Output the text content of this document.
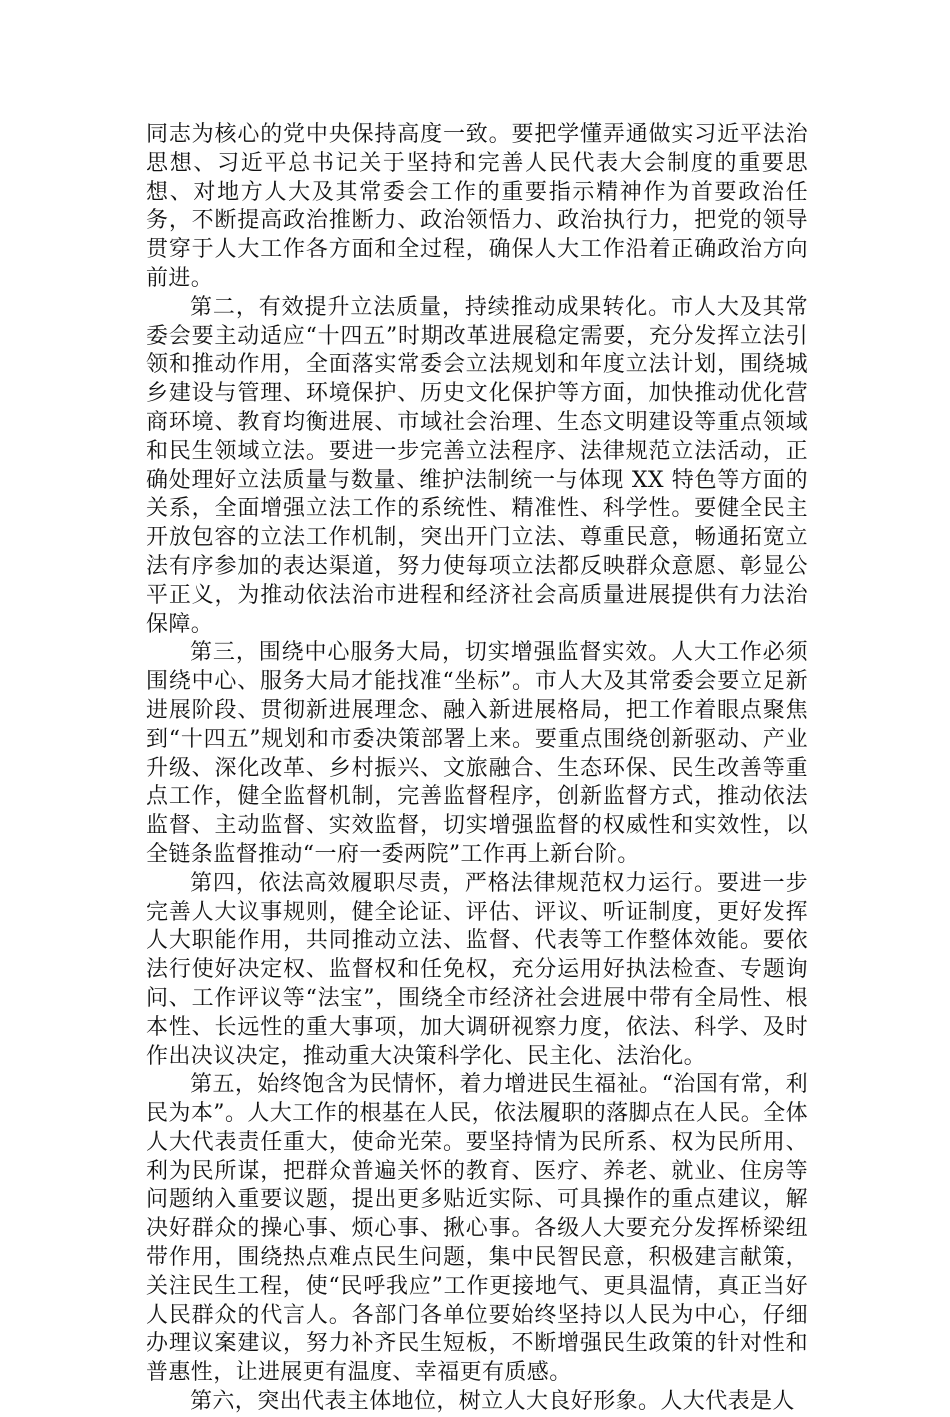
同志为核心的党中央保持高度一致。要把学懂弄通做实习近平法治思想、习近平总书记关于坚持和完善人民代表大会制度的重要思想、对地方人大及其常委会工作的重要指示精神作为首要政治任务，不断提高政治推断力、政治领悟力、政治执行力，把党的领导贯穿于人大工作各方面和全过程，确保人大工作沿着正确政治方向前进。

第二，有效提升立法质量，持续推动成果转化。市人大及其常委会要主动适应“十四五”时期改革进展稳定需要，充分发挥立法引领和推动作用，全面落实常委会立法规划和年度立法计划，围绕城乡建设与管理、环境保护、历史文化保护等方面，加快推动优化营商环境、教育均衡进展、市域社会治理、生态文明建设等重点领域和民生领域立法。要进一步完善立法程序、法律规范立法活动，正确处理好立法质量与数量、维护法制统一与体现 XX 特色等方面的关系，全面增强立法工作的系统性、精准性、科学性。要健全民主开放包容的立法工作机制，突出开门立法、尊重民意，畅通拓宽立法有序参加的表达渠道，努力使每项立法都反映群众意愿、彰显公平正义，为推动依法治市进程和经济社会高质量进展提供有力法治保障。

第三，围绕中心服务大局，切实增强监督实效。人大工作必须围绕中心、服务大局才能找准“坐标”。市人大及其常委会要立足新进展阶段、贯彻新进展理念、融入新进展格局，把工作着眼点聚焦到“十四五”规划和市委决策部署上来。要重点围绕创新驱动、产业升级、深化改革、乡村振兴、文旅融合、生态环保、民生改善等重点工作，健全监督机制，完善监督程序，创新监督方式，推动依法监督、主动监督、实效监督，切实增强监督的权威性和实效性，以全链条监督推动“一府一委两院”工作再上新台阶。

第四，依法高效履职尽责，严格法律规范权力运行。要进一步完善人大议事规则，健全论证、评估、评议、听证制度，更好发挥人大职能作用，共同推动立法、监督、代表等工作整体效能。要依法行使好决定权、监督权和任免权，充分运用好执法检查、专题询问、工作评议等“法宝”，围绕全市经济社会进展中带有全局性、根本性、长远性的重大事项，加大调研视察力度，依法、科学、及时作出决议决定，推动重大决策科学化、民主化、法治化。

第五，始终饱含为民情怀，着力增进民生福祉。“治国有常，利民为本”。人大工作的根基在人民，依法履职的落脚点在人民。全体人大代表责任重大，使命光荣。要坚持情为民所系、权为民所用、利为民所谋，把群众普遍关怀的教育、医疗、养老、就业、住房等问题纳入重要议题，提出更多贴近实际、可具操作的重点建议，解决好群众的操心事、烦心事、揪心事。各级人大要充分发挥桥梁纽带作用，围绕热点难点民生问题，集中民智民意，积极建言献策，关注民生工程，使“民呼我应”工作更接地气、更具温情，真正当好人民群众的代言人。各部门各单位要始终坚持以人民为中心，仔细办理议案建议，努力补齐民生短板，不断增强民生政策的针对性和普惠性，让进展更有温度、幸福更有质感。

第六，突出代表主体地位，树立人大良好形象。人大代表是人
